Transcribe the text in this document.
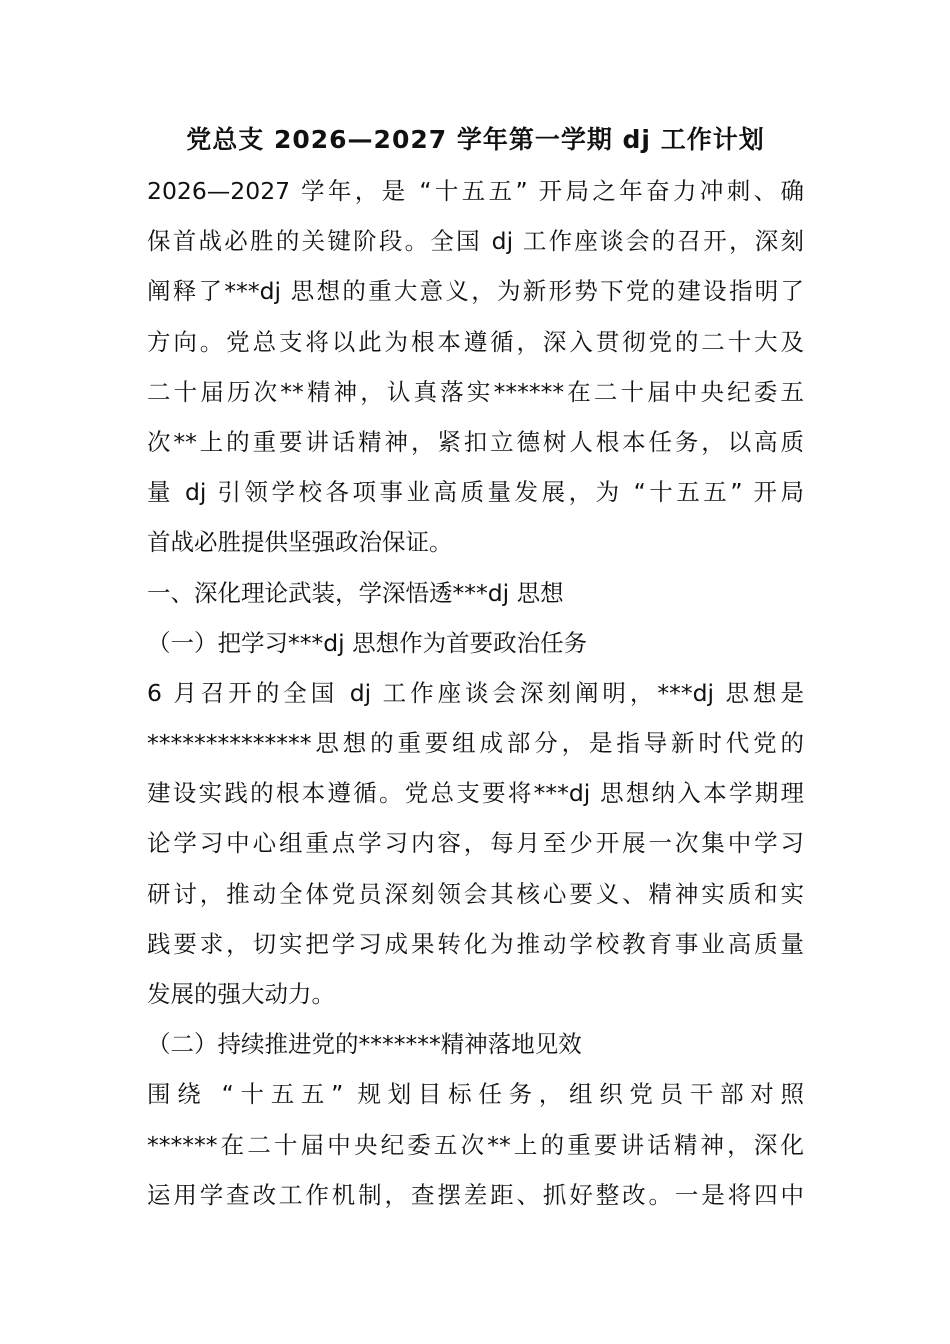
党总支 2026—2027 学年第一学期 dj 工作计划
2026—2027 学年，是 “十五五” 开局之年奋力冲刺、确
保首战必胜的关键阶段。全国 dj 工作座谈会的召开，深刻
阐释了***dj 思想的重大意义，为新形势下党的建设指明了
方向。党总支将以此为根本遵循，深入贯彻党的二十大及
二十届历次**精神，认真落实******在二十届中央纪委五
次**上的重要讲话精神，紧扣立德树人根本任务，以高质
量 dj 引领学校各项事业高质量发展，为 “十五五” 开局
首战必胜提供坚强政治保证。
一、深化理论武装，学深悟透***dj 思想
（一）把学习***dj 思想作为首要政治任务
6 月召开的全国 dj 工作座谈会深刻阐明，***dj 思想是
**************思想的重要组成部分，是指导新时代党的
建设实践的根本遵循。党总支要将***dj 思想纳入本学期理
论学习中心组重点学习内容，每月至少开展一次集中学习
研讨，推动全体党员深刻领会其核心要义、精神实质和实
践要求，切实把学习成果转化为推动学校教育事业高质量
发展的强大动力。
（二）持续推进党的*******精神落地见效
围绕 “十五五” 规划目标任务，组织党员干部对照
******在二十届中央纪委五次**上的重要讲话精神，深化
运用学查改工作机制，查摆差距、抓好整改。一是将四中
